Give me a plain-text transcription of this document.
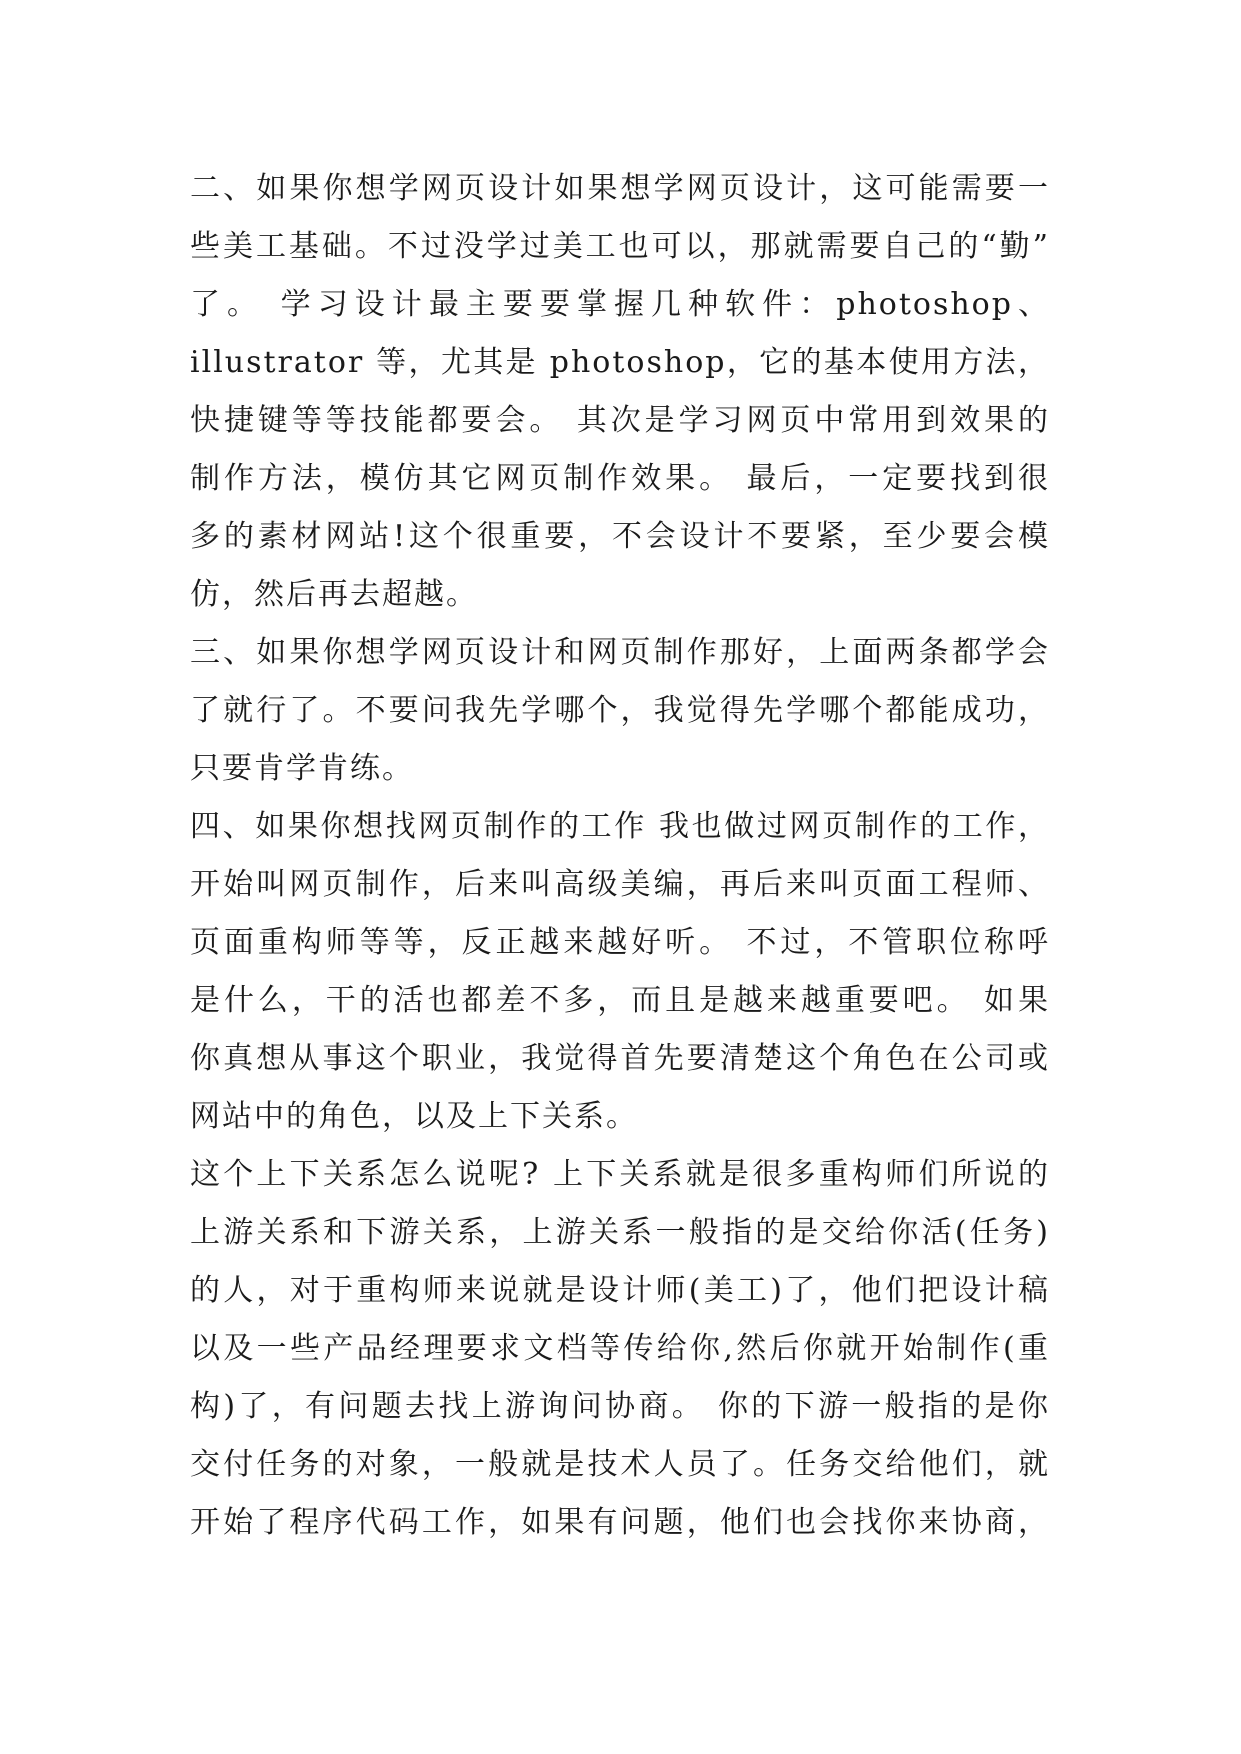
二、如果你想学网页设计如果想学网页设计，这可能需要一
些美工基础。不过没学过美工也可以，那就需要自己的“勤”
了。 学习设计最主要要掌握几种软件：photoshop、
illustrator 等，尤其是 photoshop，它的基本使用方法，
快捷键等等技能都要会。 其次是学习网页中常用到效果的
制作方法，模仿其它网页制作效果。 最后，一定要找到很
多的素材网站!这个很重要，不会设计不要紧，至少要会模
仿，然后再去超越。
三、如果你想学网页设计和网页制作那好，上面两条都学会
了就行了。不要问我先学哪个，我觉得先学哪个都能成功，
只要肯学肯练。
四、如果你想找网页制作的工作 我也做过网页制作的工作，
开始叫网页制作，后来叫高级美编，再后来叫页面工程师、
页面重构师等等，反正越来越好听。 不过，不管职位称呼
是什么，干的活也都差不多，而且是越来越重要吧。 如果
你真想从事这个职业，我觉得首先要清楚这个角色在公司或
网站中的角色，以及上下关系。
这个上下关系怎么说呢? 上下关系就是很多重构师们所说的
上游关系和下游关系，上游关系一般指的是交给你活(任务)
的人，对于重构师来说就是设计师(美工)了，他们把设计稿
以及一些产品经理要求文档等传给你,然后你就开始制作(重
构)了，有问题去找上游询问协商。 你的下游一般指的是你
交付任务的对象，一般就是技术人员了。任务交给他们，就
开始了程序代码工作，如果有问题，他们也会找你来协商，
